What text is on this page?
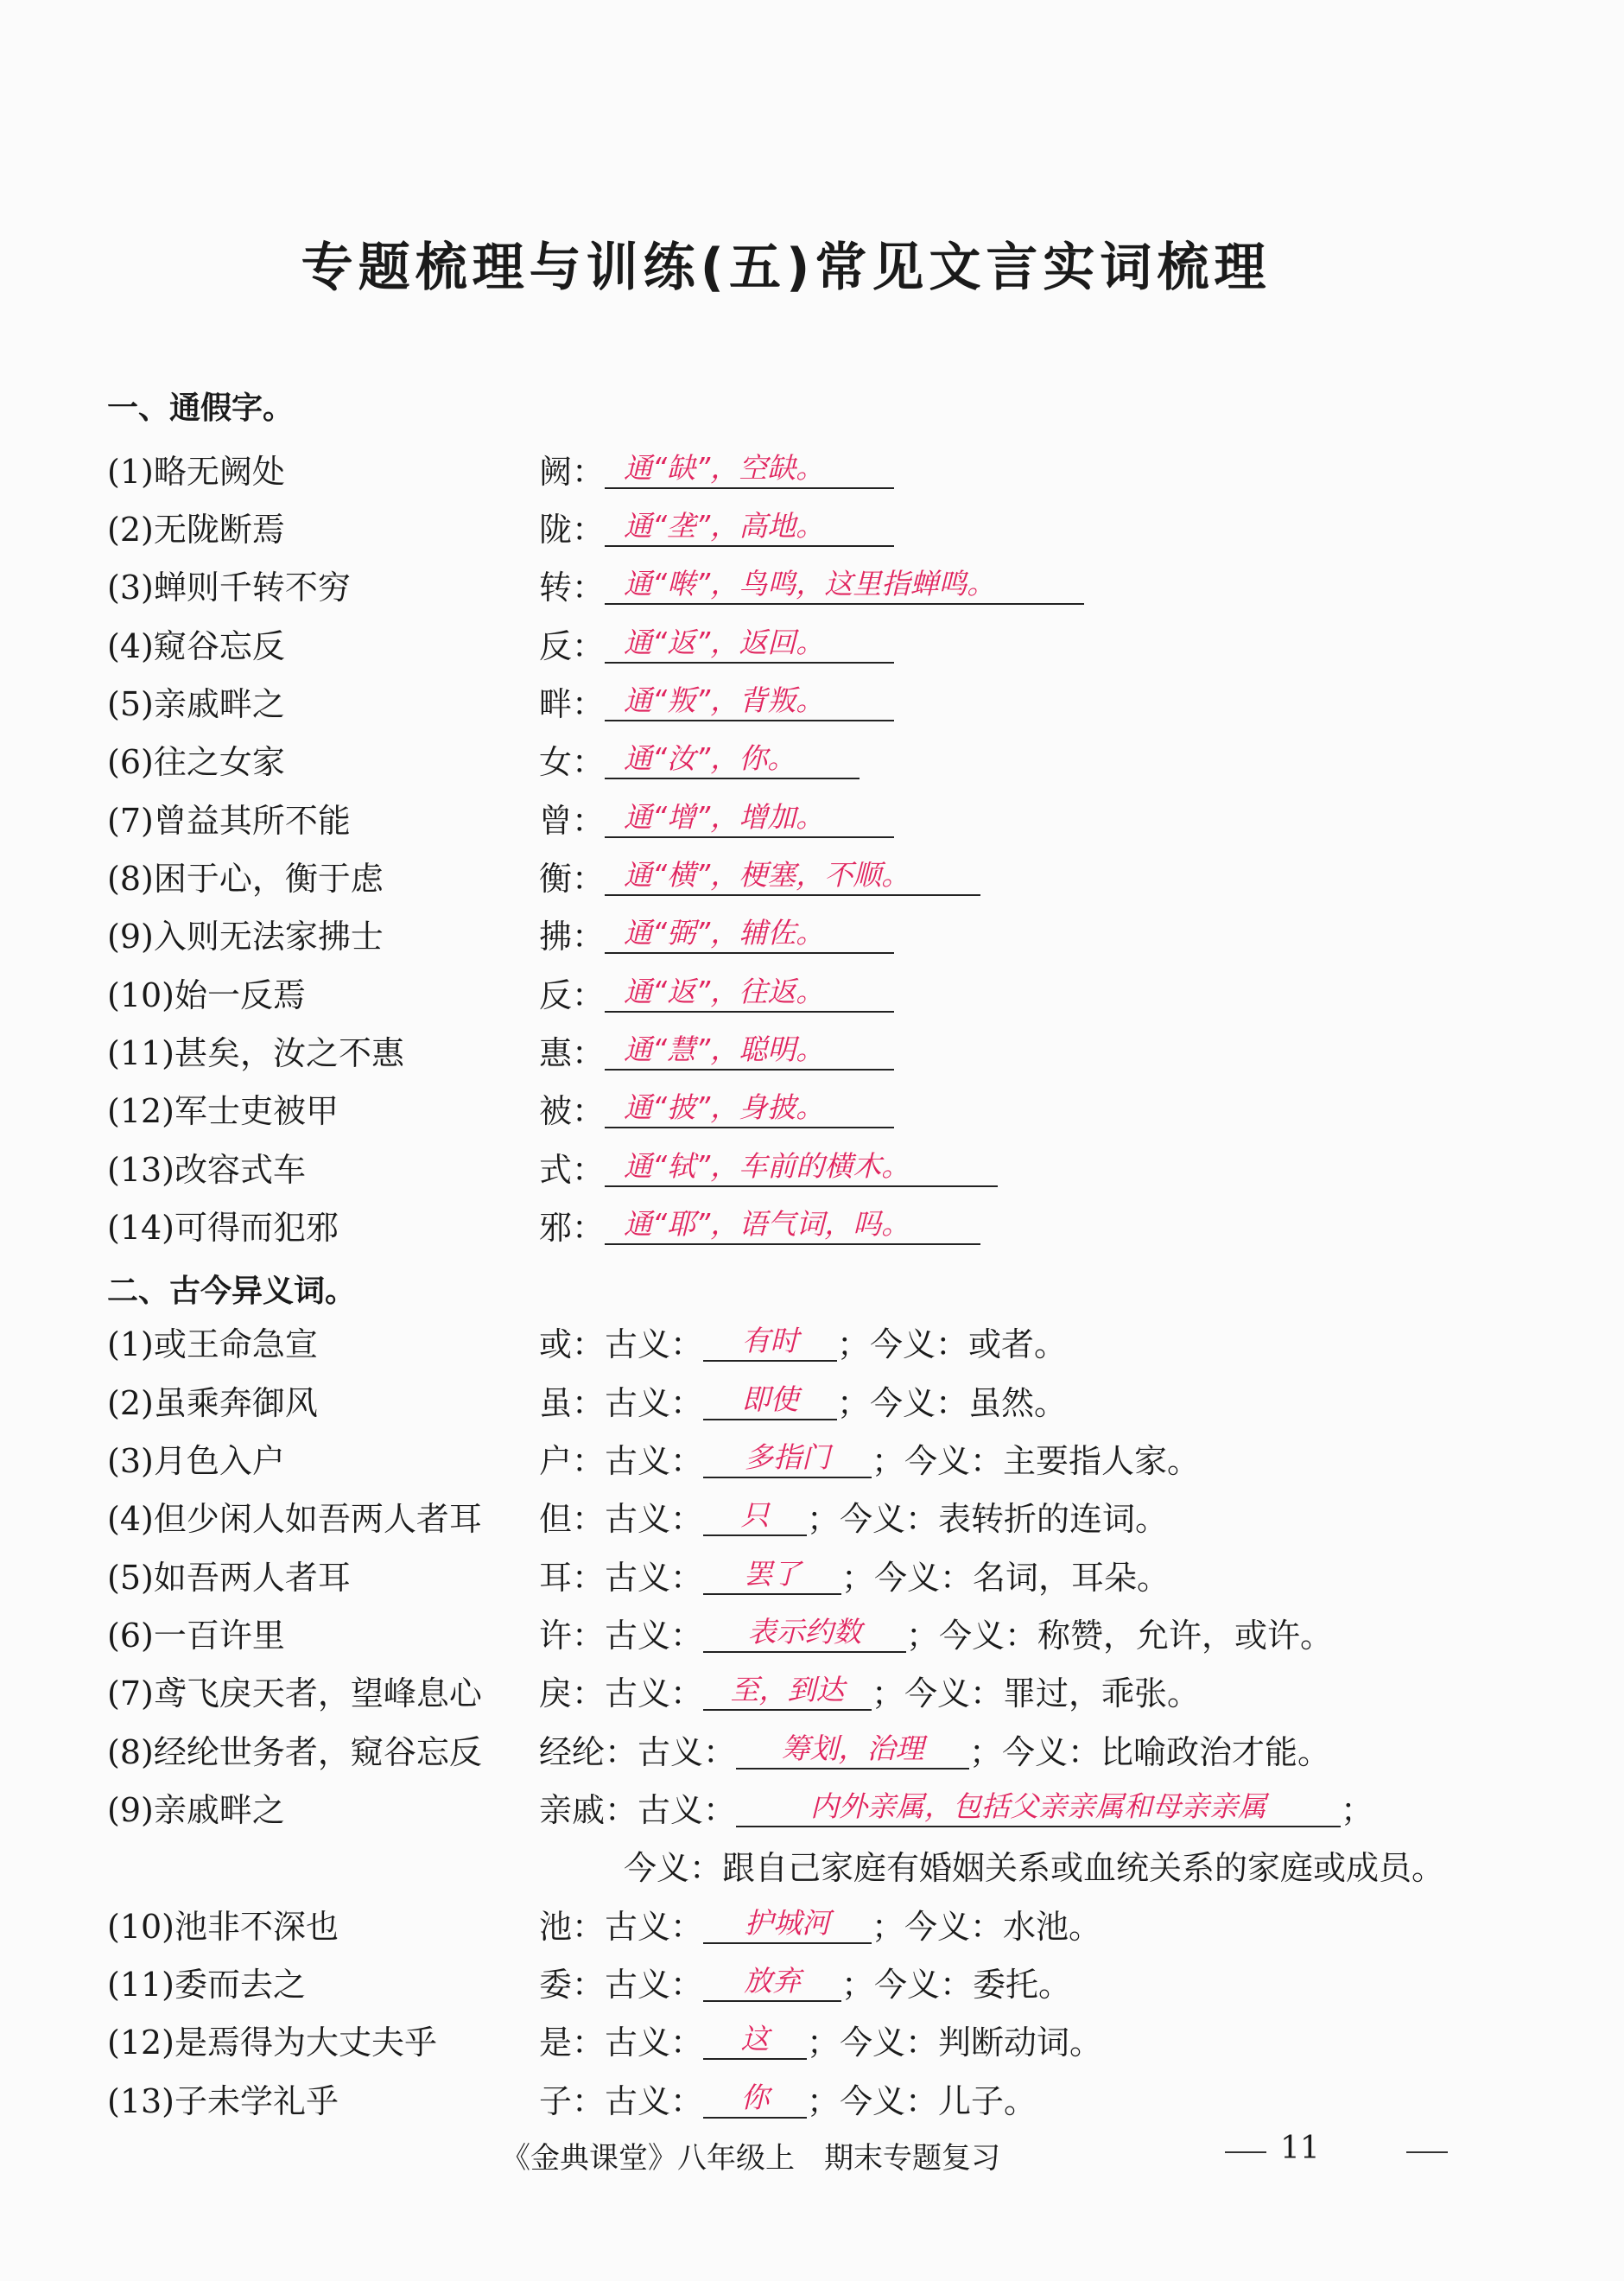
专题梳理与训练(五)常见文言实词梳理
一、通假字。
(1)略无阙处	阙： 通“缺”，空缺。
(2)无陇断焉	陇： 通“垄”，高地。
(3)蝉则千转不穷	转： 通“啭”，鸟鸣，这里指蝉鸣。
(4)窥谷忘反	反： 通“返”，返回。
(5)亲戚畔之	畔： 通“叛”，背叛。
(6)往之女家	女： 通“汝”，你。
(7)曾益其所不能	曾： 通“增”，增加。
(8)困于心，衡于虑	衡： 通“横”，梗塞，不顺。
(9)入则无法家拂士	拂： 通“弼”，辅佐。
(10)始一反焉	反： 通“返”，往返。
(11)甚矣，汝之不惠	惠： 通“慧”，聪明。
(12)军士吏被甲	被： 通“披”，身披。
(13)改容式车	式： 通“轼”，车前的横木。
(14)可得而犯邪	邪： 通“耶”，语气词，吗。
二、古今异义词。
(1)或王命急宣	或：古义：	有时	；今义：或者。
(2)虽乘奔御风	虽：古义：	即使	；今义：虽然。
(3)月色入户	户：古义：	多指门	；今义：主要指人家。
(4)但少闲人如吾两人者耳	但：古义：	只	；今义：表转折的连词。
(5)如吾两人者耳	耳：古义：	罢了	；今义：名词，耳朵。
(6)一百许里	许：古义：	表示约数	；今义：称赞，允许，或许。
(7)鸢飞戾天者，望峰息心	戾：古义： 至，到达 ；今义：罪过，乖张。
(8)经纶世务者，窥谷忘反	经纶：古义：	筹划，治理	；今义：比喻政治才能。
(9)亲戚畔之	亲戚：古义：	内外亲属，包括父亲亲属和母亲亲属	；
今义：跟自己家庭有婚姻关系或血统关系的家庭或成员。
(10)池非不深也	池：古义：	护城河	；今义：水池。
(11)委而去之	委：古义：	放弃	；今义：委托。
(12)是焉得为大丈夫乎	是：古义：	这	；今义：判断动词。
(13)子未学礼乎	子：古义：	你	；今义：儿子。
《金典课堂》八年级上　期末专题复习	11
